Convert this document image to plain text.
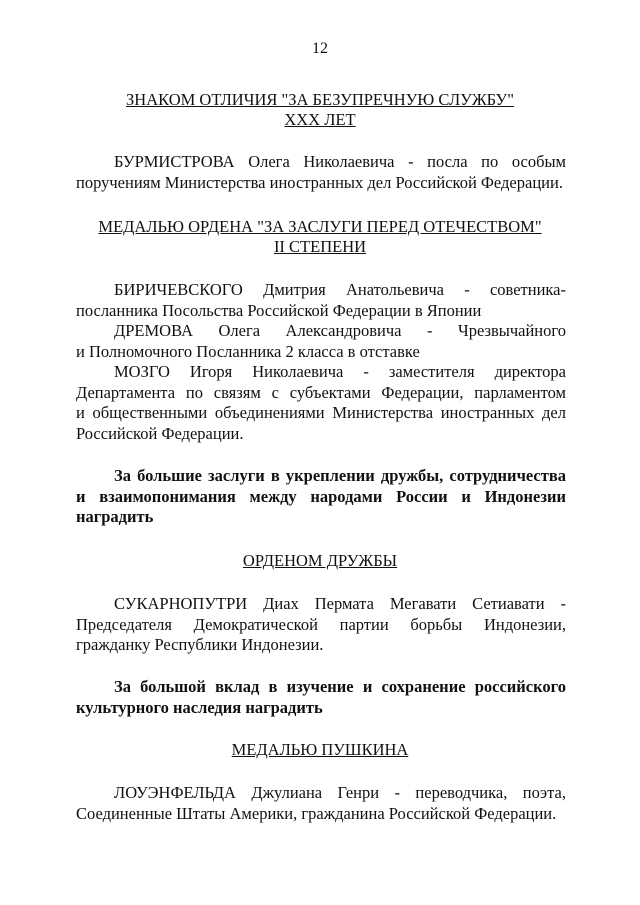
12
ЗНАКОМ ОТЛИЧИЯ "ЗА БЕЗУПРЕЧНУЮ СЛУЖБУ"
XXX ЛЕТ
БУРМИСТРОВА Олега Николаевича - посла по особым
поручениям Министерства иностранных дел Российской Федерации.
МЕДАЛЬЮ ОРДЕНА "ЗА ЗАСЛУГИ ПЕРЕД ОТЕЧЕСТВОМ"
II СТЕПЕНИ
БИРИЧЕВСКОГО Дмитрия Анатольевича - советника-
посланника Посольства Российской Федерации в Японии
ДРЕМОВА Олега Александровича - Чрезвычайного
и Полномочного Посланника 2 класса в отставке
МОЗГО Игоря Николаевича - заместителя директора
Департамента по связям с субъектами Федерации, парламентом
и общественными объединениями Министерства иностранных дел
Российской Федерации.
За большие заслуги в укреплении дружбы, сотрудничества
и взаимопонимания между народами России и Индонезии
наградить
ОРДЕНОМ ДРУЖБЫ
СУКАРНОПУТРИ Диах Пермата Мегавати Сетиавати -
Председателя Демократической партии борьбы Индонезии,
гражданку Республики Индонезии.
За большой вклад в изучение и сохранение российского
культурного наследия наградить
МЕДАЛЬЮ ПУШКИНА
ЛОУЭНФЕЛЬДА Джулиана Генри - переводчика, поэта,
Соединенные Штаты Америки, гражданина Российской Федерации.
